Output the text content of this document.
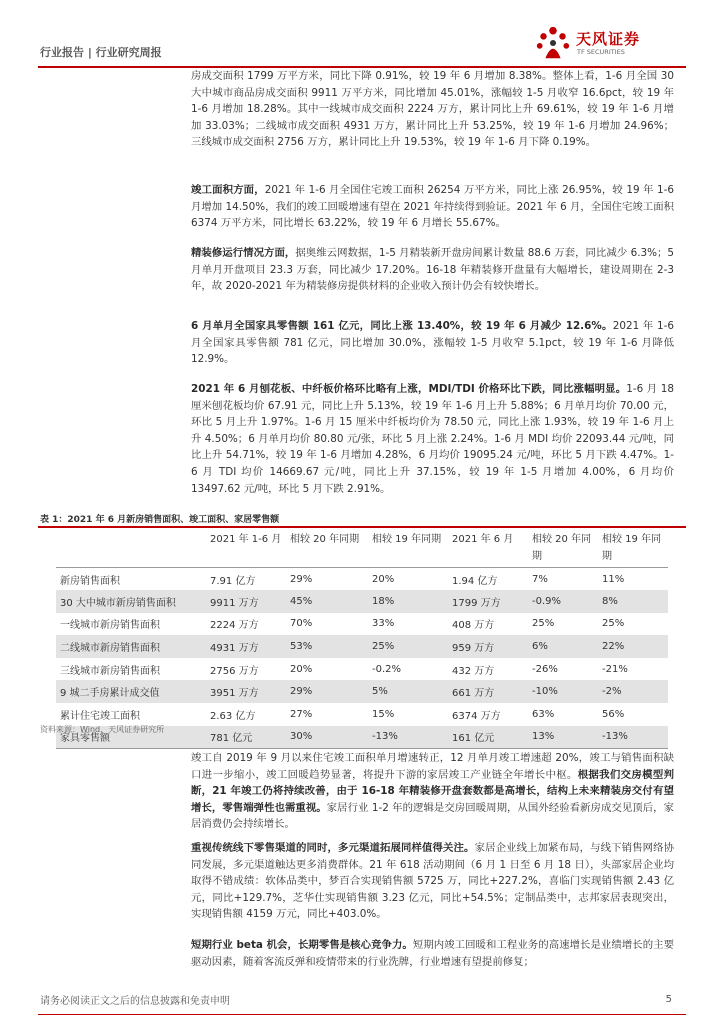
行业报告 | 行业研究周报
天风证券
TF SECURITIES

房成交面积 1799 万平方米，同比下降 0.91%，较 19 年 6 月增加 8.38%。整体上看，1-6 月全国 30 大中城市商品房成交面积 9911 万平方米，同比增加 45.01%，涨幅较 1-5 月收窄 16.6pct，较 19 年 1-6 月增加 18.28%。其中一线城市成交面积 2224 万方，累计同比上升 69.61%，较 19 年 1-6 月增加 33.03%；二线城市成交面积 4931 万方，累计同比上升 53.25%，较 19 年 1-6 月增加 24.96%；三线城市成交面积 2756 万方，累计同比上升 19.53%，较 19 年 1-6 月下降 0.19%。

竣工面积方面，2021 年 1-6 月全国住宅竣工面积 26254 万平方米，同比上涨 26.95%，较 19 年 1-6 月增加 14.50%，我们的竣工回暖增速有望在 2021 年持续得到验证。2021 年 6 月，全国住宅竣工面积 6374 万平方米，同比增长 63.22%，较 19 年 6 月增长 55.67%。

精装修运行情况方面，据奥维云网数据，1-5 月精装新开盘房间累计数量 88.6 万套，同比减少 6.3%；5 月单月开盘项目 23.3 万套，同比减少 17.20%。16-18 年精装修开盘量有大幅增长，建设周期在 2-3 年，故 2020-2021 年为精装修房提供材料的企业收入预计仍会有较快增长。

6 月单月全国家具零售额 161 亿元，同比上涨 13.40%，较 19 年 6 月减少 12.6%。2021 年 1-6 月全国家具零售额 781 亿元，同比增加 30.0%，涨幅较 1-5 月收窄 5.1pct，较 19 年 1-6 月降低 12.9%。

2021 年 6 月刨花板、中纤板价格环比略有上涨，MDI/TDI 价格环比下跌，同比涨幅明显。1-6 月 18 厘米刨花板均价 67.91 元，同比上升 5.13%，较 19 年 1-6 月上升 5.88%；6 月单月均价 70.00 元，环比 5 月上升 1.97%。1-6 月 15 厘米中纤板均价为 78.50 元，同比上涨 1.93%，较 19 年 1-6 月上升 4.50%；6 月单月均价 80.80 元/张，环比 5 月上涨 2.24%。1-6 月 MDI 均价 22093.44 元/吨，同比上升 54.71%，较 19 年 1-6 月增加 4.28%，6 月均价 19095.24 元/吨，环比 5 月下跌 4.47%。1-6 月 TDI 均价 14669.67 元/吨，同比上升 37.15%，较 19 年 1-5 月增加 4.00%，6 月均价 13497.62 元/吨，环比 5 月下跌 2.91%。

表 1：2021 年 6 月新房销售面积、竣工面积、家居零售额
	2021 年 1-6 月	相较 20 年同期	相较 19 年同期	2021 年 6 月	相较 20 年同期	相较 19 年同期
新房销售面积	7.91 亿方	29%	20%	1.94 亿方	7%	11%
30 大中城市新房销售面积	9911 万方	45%	18%	1799 万方	-0.9%	8%
一线城市新房销售面积	2224 万方	70%	33%	408 万方	25%	25%
二线城市新房销售面积	4931 万方	53%	25%	959 万方	6%	22%
三线城市新房销售面积	2756 万方	20%	-0.2%	432 万方	-26%	-21%
9 城二手房累计成交值	3951 万方	29%	5%	661 万方	-10%	-2%
累计住宅竣工面积	2.63 亿方	27%	15%	6374 万方	63%	56%
家具零售额	781 亿元	30%	-13%	161 亿元	13%	-13%
资料来源：Wind，天风证券研究所

竣工自 2019 年 9 月以来住宅竣工面积单月增速转正，12 月单月竣工增速超 20%，竣工与销售面积缺口进一步缩小，竣工回暖趋势显著，将提升下游的家居竣工产业链全年增长中枢。根据我们交房模型判断，21 年竣工仍将持续改善，由于 16-18 年精装修开盘套数都是高增长，结构上未来精装房交付有望增长，零售端弹性也需重视。家居行业 1-2 年的逻辑是交房回暖周期，从国外经验看新房成交见顶后，家居消费仍会持续增长。

重视传统线下零售渠道的同时，多元渠道拓展同样值得关注。家居企业线上加紧布局，与线下销售网络协同发展，多元渠道触达更多消费群体。21 年 618 活动期间（6 月 1 日至 6 月 18 日），头部家居企业均取得不错成绩：软体品类中，梦百合实现销售额 5725 万，同比+227.2%，喜临门实现销售额 2.43 亿元，同比+129.7%，芝华仕实现销售额 3.23 亿元，同比+54.5%；定制品类中，志邦家居表现突出，实现销售额 4159 万元，同比+403.0%。

短期行业 beta 机会，长期零售是核心竞争力。短期内竣工回暖和工程业务的高速增长是业绩增长的主要驱动因素，随着客流反弹和疫情带来的行业洗牌，行业增速有望提前修复；

请务必阅读正文之后的信息披露和免责申明	5
